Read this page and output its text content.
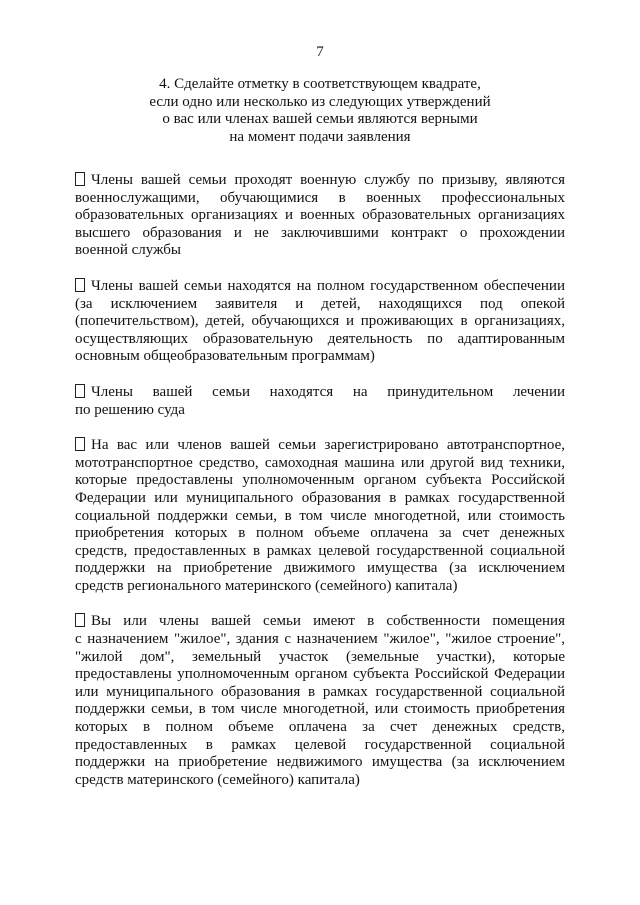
7
4. Сделайте отметку в соответствующем квадрате,
если одно или несколько из следующих утверждений
о вас или членах вашей семьи являются верными
на момент подачи заявления
Члены вашей семьи проходят военную службу по призыву, являются
военнослужащими, обучающимися в военных профессиональных
образовательных организациях и военных образовательных организациях
высшего образования и не заключившими контракт о прохождении
военной службы
Члены вашей семьи находятся на полном государственном обеспечении
(за исключением заявителя и детей, находящихся под опекой
(попечительством), детей, обучающихся и проживающих в организациях,
осуществляющих образовательную деятельность по адаптированным
основным общеобразовательным программам)
Члены вашей семьи находятся на принудительном лечении
по решению суда
На вас или членов вашей семьи зарегистрировано автотранспортное,
мототранспортное средство, самоходная машина или другой вид техники,
которые предоставлены уполномоченным органом субъекта Российской
Федерации или муниципального образования в рамках государственной
социальной поддержки семьи, в том числе многодетной, или стоимость
приобретения которых в полном объеме оплачена за счет денежных
средств, предоставленных в рамках целевой государственной социальной
поддержки на приобретение движимого имущества (за исключением
средств регионального материнского (семейного) капитала)
Вы или члены вашей семьи имеют в собственности помещения
с назначением "жилое", здания с назначением "жилое", "жилое строение",
"жилой дом", земельный участок (земельные участки), которые
предоставлены уполномоченным органом субъекта Российской Федерации
или муниципального образования в рамках государственной социальной
поддержки семьи, в том числе многодетной, или стоимость приобретения
которых в полном объеме оплачена за счет денежных средств,
предоставленных в рамках целевой государственной социальной
поддержки на приобретение недвижимого имущества (за исключением
средств материнского (семейного) капитала)
